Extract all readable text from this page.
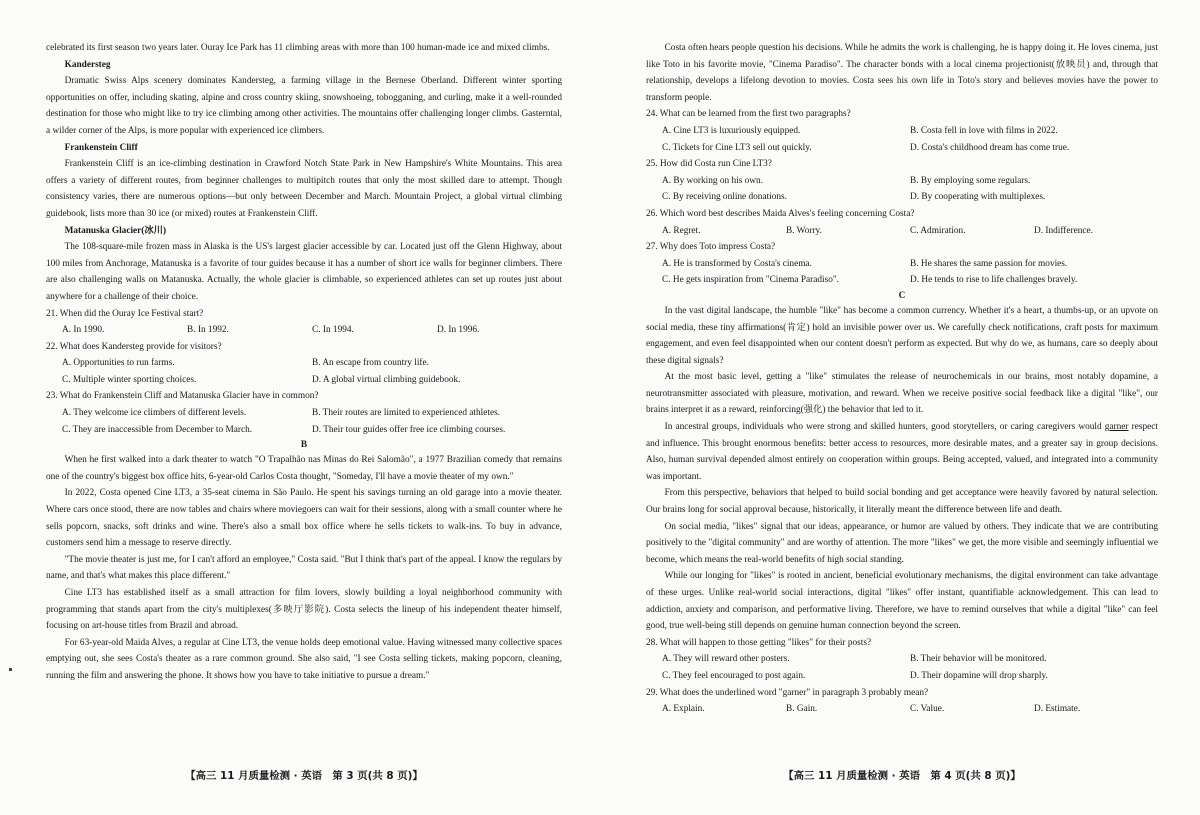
celebrated its first season two years later. Ouray Ice Park has 11 climbing areas with more than 100 human-made ice and mixed climbs.

Kandersteg

Dramatic Swiss Alps scenery dominates Kandersteg, a farming village in the Bernese Oberland. Different winter sporting opportunities on offer, including skating, alpine and cross country skiing, snowshoeing, tobogganing, and curling, make it a well-rounded destination for those who might like to try ice climbing among other activities. The mountains offer challenging longer climbs. Gasterntal, a wilder corner of the Alps, is more popular with experienced ice climbers.

Frankenstein Cliff

Frankenstein Cliff is an ice-climbing destination in Crawford Notch State Park in New Hampshire's White Mountains. This area offers a variety of different routes, from beginner challenges to multipitch routes that only the most skilled dare to attempt. Though consistency varies, there are numerous options—but only between December and March. Mountain Project, a global virtual climbing guidebook, lists more than 30 ice (or mixed) routes at Frankenstein Cliff.

Matanuska Glacier(冰川)

The 108-square-mile frozen mass in Alaska is the US's largest glacier accessible by car. Located just off the Glenn Highway, about 100 miles from Anchorage, Matanuska is a favorite of tour guides because it has a number of short ice walls for beginner climbers. There are also challenging walls on Matanuska. Actually, the whole glacier is climbable, so experienced athletes can set up routes just about anywhere for a challenge of their choice.

21. When did the Ouray Ice Festival start?

A. In 1990.	B. In 1992.	C. In 1994.	D. In 1996.

22. What does Kandersteg provide for visitors?

A. Opportunities to run farms.	B. An escape from country life.
C. Multiple winter sporting choices.	D. A global virtual climbing guidebook.

23. What do Frankenstein Cliff and Matanuska Glacier have in common?

A. They welcome ice climbers of different levels.	B. Their routes are limited to experienced athletes.
C. They are inaccessible from December to March.	D. Their tour guides offer free ice climbing courses.

B

When he first walked into a dark theater to watch "O Trapalhão nas Minas do Rei Salomão", a 1977 Brazilian comedy that remains one of the country's biggest box office hits, 6-year-old Carlos Costa thought, "Someday, I'll have a movie theater of my own."

In 2022, Costa opened Cine LT3, a 35-seat cinema in São Paulo. He spent his savings turning an old garage into a movie theater. Where cars once stood, there are now tables and chairs where moviegoers can wait for their sessions, along with a small counter where he sells popcorn, snacks, soft drinks and wine. There's also a small box office where he sells tickets to walk-ins. To buy in advance, customers send him a message to reserve directly.

"The movie theater is just me, for I can't afford an employee," Costa said. "But I think that's part of the appeal. I know the regulars by name, and that's what makes this place different."

Cine LT3 has established itself as a small attraction for film lovers, slowly building a loyal neighborhood community with programming that stands apart from the city's multiplexes(多映厅影院). Costa selects the lineup of his independent theater himself, focusing on art-house titles from Brazil and abroad.

For 63-year-old Maida Alves, a regular at Cine LT3, the venue holds deep emotional value. Having witnessed many collective spaces emptying out, she sees Costa's theater as a rare common ground. She also said, "I see Costa selling tickets, making popcorn, cleaning, running the film and answering the phone. It shows how you have to take initiative to pursue a dream."

【高三 11 月质量检测 · 英语　第 3 页(共 8 页)】

Costa often hears people question his decisions. While he admits the work is challenging, he is happy doing it. He loves cinema, just like Toto in his favorite movie, "Cinema Paradiso". The character bonds with a local cinema projectionist(放映员) and, through that relationship, develops a lifelong devotion to movies. Costa sees his own life in Toto's story and believes movies have the power to transform people.

24. What can be learned from the first two paragraphs?

A. Cine LT3 is luxuriously equipped.	B. Costa fell in love with films in 2022.
C. Tickets for Cine LT3 sell out quickly.	D. Costa's childhood dream has come true.

25. How did Costa run Cine LT3?

A. By working on his own.	B. By employing some regulars.
C. By receiving online donations.	D. By cooperating with multiplexes.

26. Which word best describes Maida Alves's feeling concerning Costa?

A. Regret.	B. Worry.	C. Admiration.	D. Indifference.

27. Why does Toto impress Costa?

A. He is transformed by Costa's cinema.	B. He shares the same passion for movies.
C. He gets inspiration from "Cinema Paradiso".	D. He tends to rise to life challenges bravely.

C

In the vast digital landscape, the humble "like" has become a common currency. Whether it's a heart, a thumbs-up, or an upvote on social media, these tiny affirmations(肯定) hold an invisible power over us. We carefully check notifications, craft posts for maximum engagement, and even feel disappointed when our content doesn't perform as expected. But why do we, as humans, care so deeply about these digital signals?

At the most basic level, getting a "like" stimulates the release of neurochemicals in our brains, most notably dopamine, a neurotransmitter associated with pleasure, motivation, and reward. When we receive positive social feedback like a digital "like", our brains interpret it as a reward, reinforcing(强化) the behavior that led to it.

In ancestral groups, individuals who were strong and skilled hunters, good storytellers, or caring caregivers would garner respect and influence. This brought enormous benefits: better access to resources, more desirable mates, and a greater say in group decisions. Also, human survival depended almost entirely on cooperation within groups. Being accepted, valued, and integrated into a community was important.

From this perspective, behaviors that helped to build social bonding and get acceptance were heavily favored by natural selection. Our brains long for social approval because, historically, it literally meant the difference between life and death.

On social media, "likes" signal that our ideas, appearance, or humor are valued by others. They indicate that we are contributing positively to the "digital community" and are worthy of attention. The more "likes" we get, the more visible and seemingly influential we become, which means the real-world benefits of high social standing.

While our longing for "likes" is rooted in ancient, beneficial evolutionary mechanisms, the digital environment can take advantage of these urges. Unlike real-world social interactions, digital "likes" offer instant, quantifiable acknowledgement. This can lead to addiction, anxiety and comparison, and performative living. Therefore, we have to remind ourselves that while a digital "like" can feel good, true well-being still depends on genuine human connection beyond the screen.

28. What will happen to those getting "likes" for their posts?

A. They will reward other posters.	B. Their behavior will be monitored.
C. They feel encouraged to post again.	D. Their dopamine will drop sharply.

29. What does the underlined word "garner" in paragraph 3 probably mean?

A. Explain.	B. Gain.	C. Value.	D. Estimate.
【高三 11 月质量检测 · 英语　第 4 页(共 8 页)】
